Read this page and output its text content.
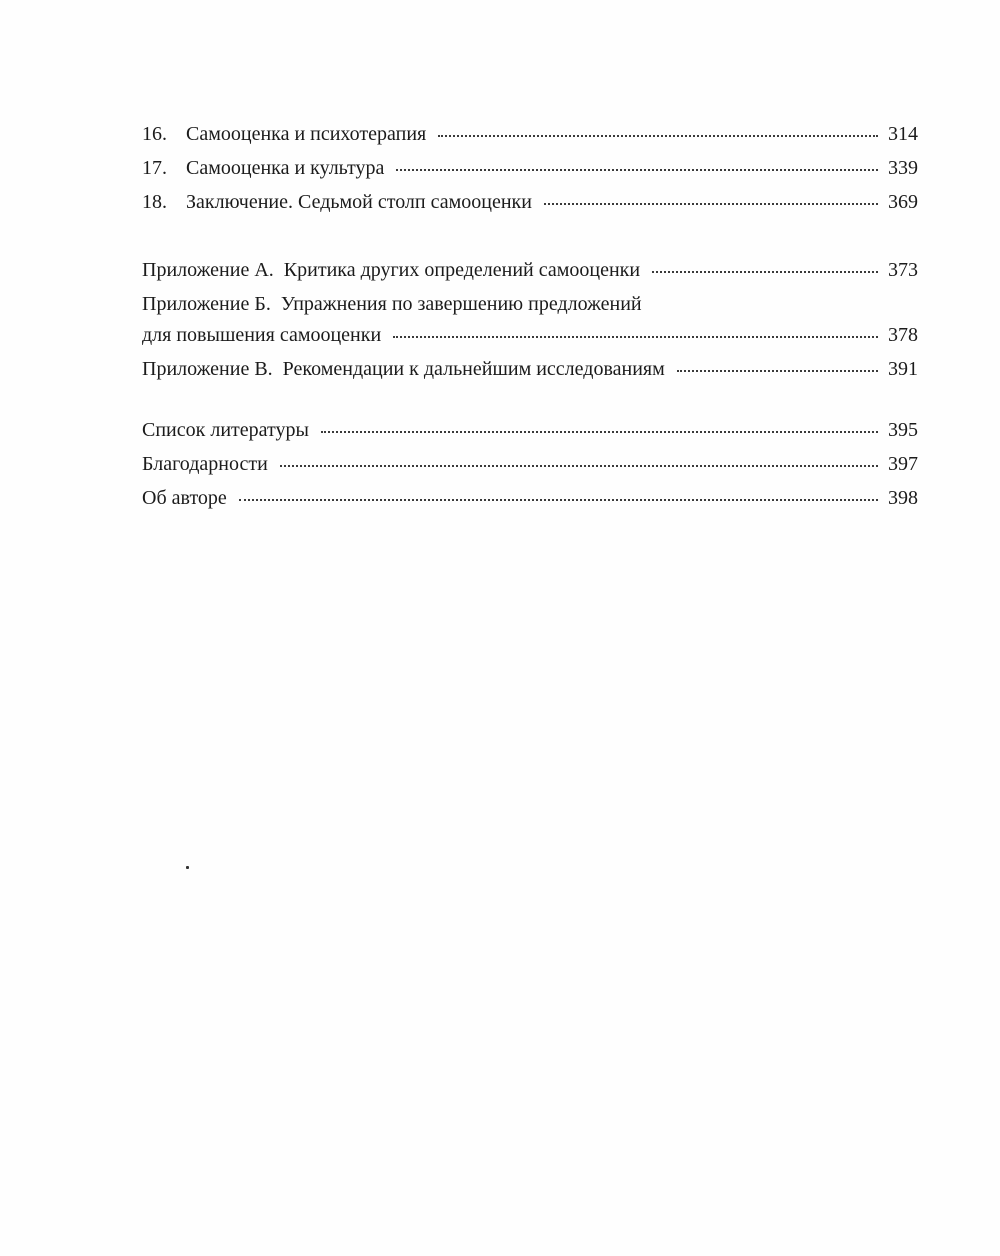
16. Самооценка и психотерапия	314
17. Самооценка и культура	339
18. Заключение. Седьмой столп самооценки	369
Приложение А.  Критика других определений самооценки	373
Приложение Б.  Упражнения по завершению предложений
для повышения самооценки	378
Приложение В.  Рекомендации к дальнейшим исследованиям	391
Список литературы	395
Благодарности	397
Об авторе	398
